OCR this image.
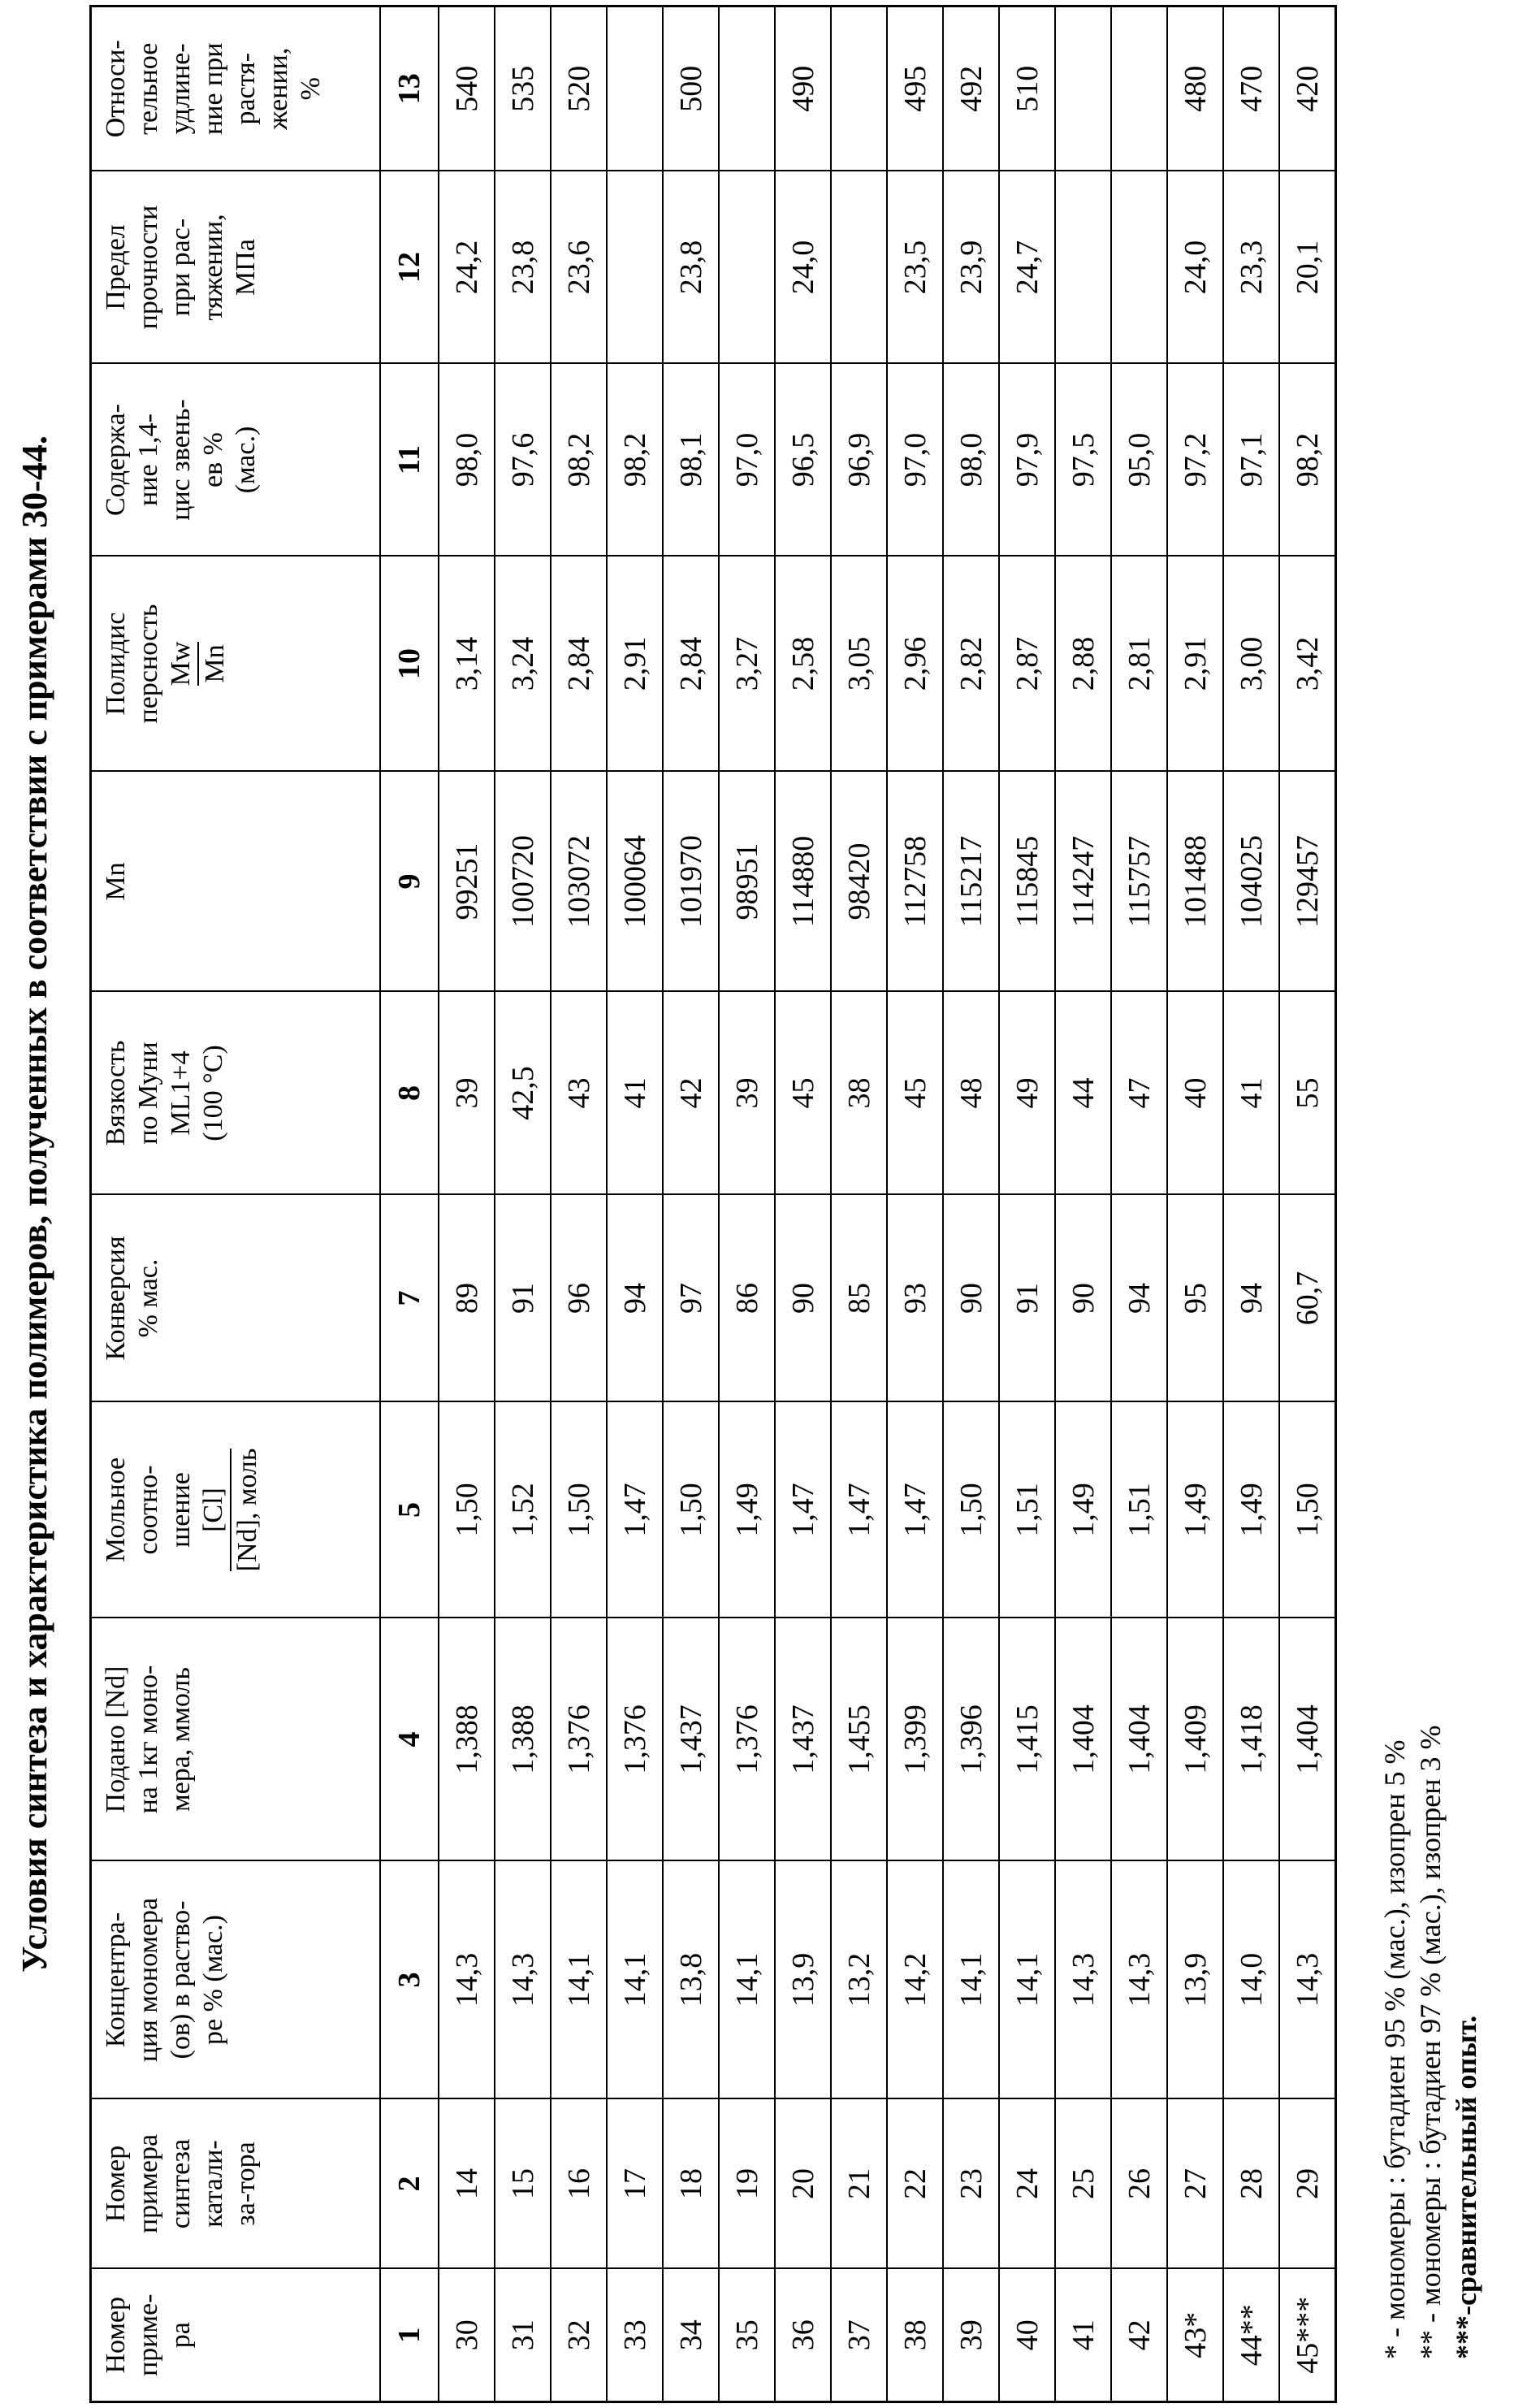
Условия синтеза и характеристика полимеров, полученных в соответствии с примерами 30-44.
Номер приме- ра

Номер примера синтеза катали- за-тора

Концентра- ция мономера (ов) в раство- ре % (мас.)

Подано [Nd] на 1кг моно- мера, ммоль

Мольное соотно- шение [Cl] [Nd], моль

Конверсия % мас.

Вязкость по Муни ML1+4 (100 °C)

Mn

Полидис персность Mw Mn

Содержа- ние 1,4- цис звень- ев % (мас.)

Предел прочности при рас- тяжении, МПа

Относи- тельное удлине- ние при растя- жении, %

1	2	3	4	5	7	8	9	10	11	12	13
30	14	14,3	1,388	1,50	89	39	99251	3,14	98,0	24,2	540
31	15	14,3	1,388	1,52	91	42,5	100720	3,24	97,6	23,8	535
32	16	14,1	1,376	1,50	96	43	103072	2,84	98,2	23,6	520
33	17	14,1	1,376	1,47	94	41	100064	2,91	98,2		
34	18	13,8	1,437	1,50	97	42	101970	2,84	98,1	23,8	500
35	19	14,1	1,376	1,49	86	39	98951	3,27	97,0		
36	20	13,9	1,437	1,47	90	45	114880	2,58	96,5	24,0	490
37	21	13,2	1,455	1,47	85	38	98420	3,05	96,9		
38	22	14,2	1,399	1,47	93	45	112758	2,96	97,0	23,5	495
39	23	14,1	1,396	1,50	90	48	115217	2,82	98,0	23,9	492
40	24	14,1	1,415	1,51	91	49	115845	2,87	97,9	24,7	510
41	25	14,3	1,404	1,49	90	44	114247	2,88	97,5		
42	26	14,3	1,404	1,51	94	47	115757	2,81	95,0		
43*	27	13,9	1,409	1,49	95	40	101488	2,91	97,2	24,0	480
44**	28	14,0	1,418	1,49	94	41	104025	3,00	97,1	23,3	470
45***	29	14,3	1,404	1,50	60,7	55	129457	3,42	98,2	20,1	420
* - мономеры : бутадиен 95 % (мас.), изопрен 5 % ** - мономеры : бутадиен 97 % (мас.), изопрен 3 % ***-сравнительный опыт.
